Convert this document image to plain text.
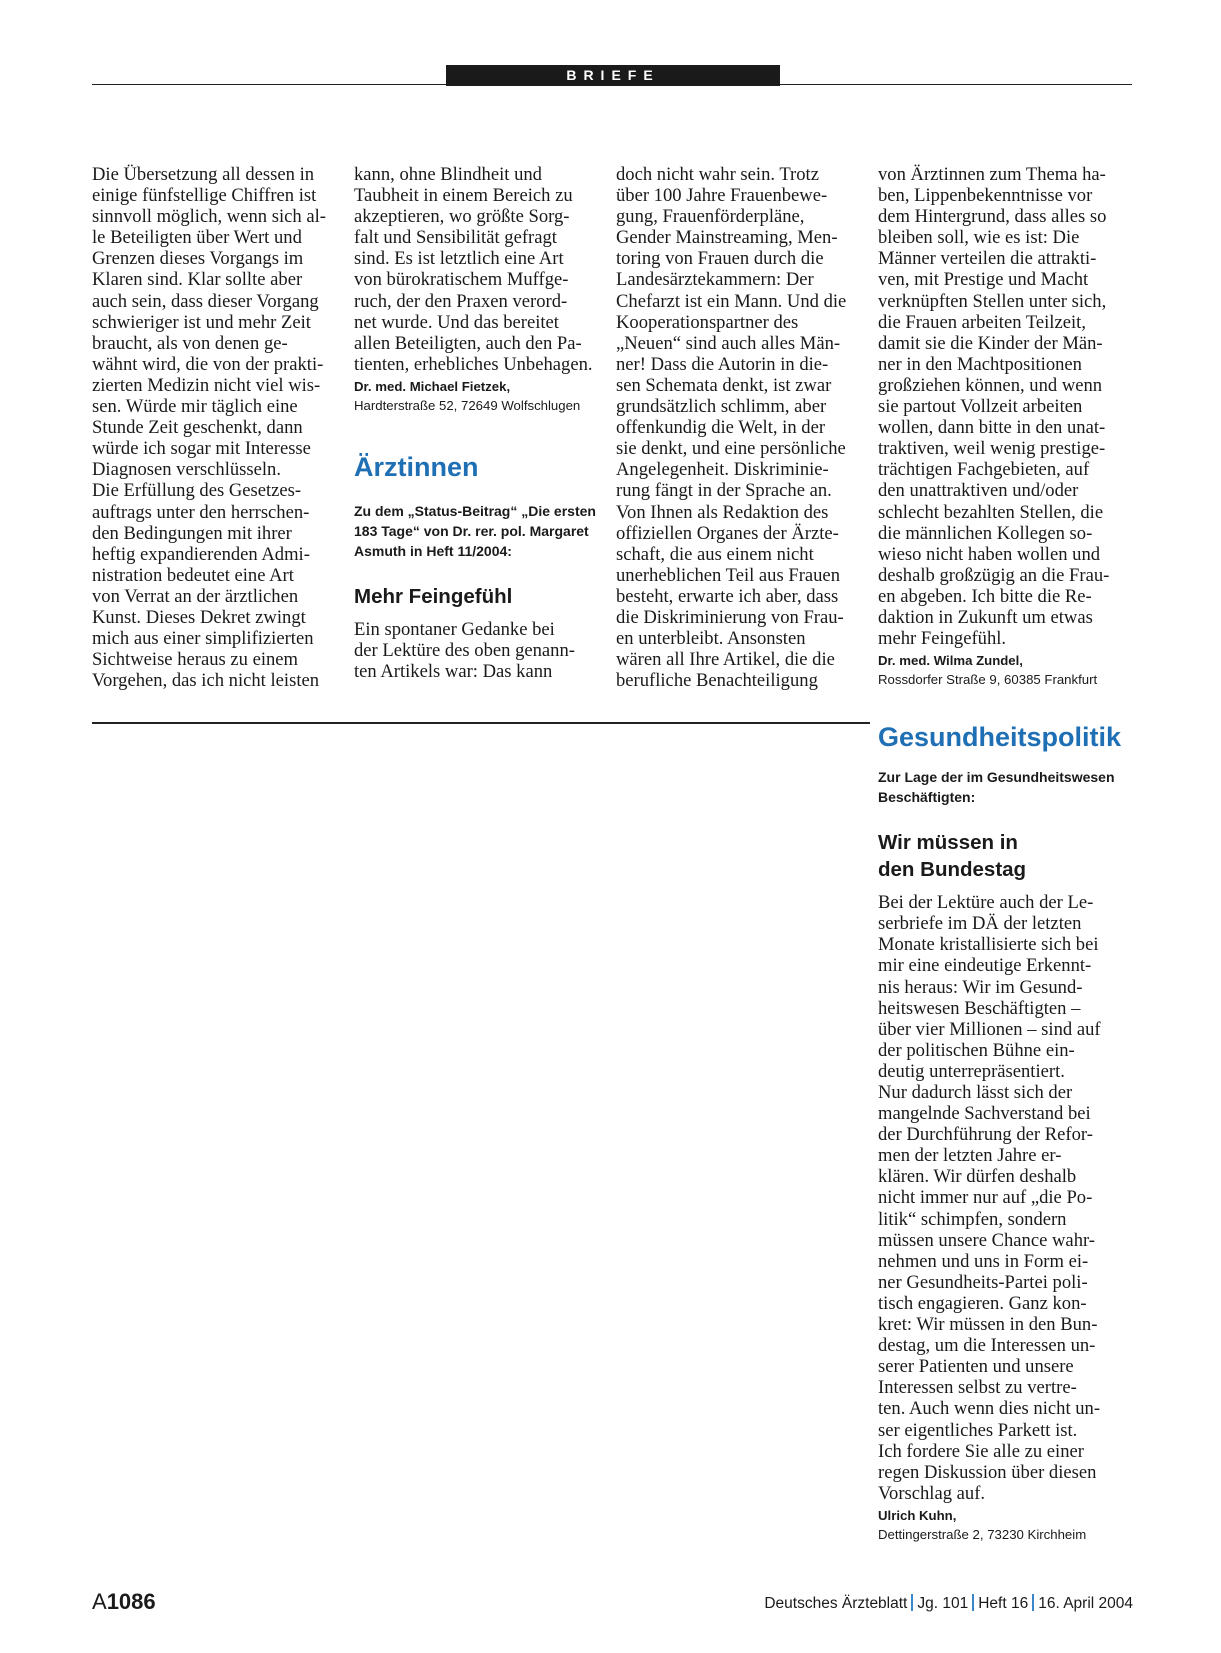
BRIEFE

Die Übersetzung all dessen in
einige fünfstellige Chiffren ist
sinnvoll möglich, wenn sich al-
le Beteiligten über Wert und
Grenzen dieses Vorgangs im
Klaren sind. Klar sollte aber
auch sein, dass dieser Vorgang
schwieriger ist und mehr Zeit
braucht, als von denen ge-
wähnt wird, die von der prakti-
zierten Medizin nicht viel wis-
sen. Würde mir täglich eine
Stunde Zeit geschenkt, dann
würde ich sogar mit Interesse
Diagnosen verschlüsseln.
Die Erfüllung des Gesetzes-
auftrags unter den herrschen-
den Bedingungen mit ihrer
heftig expandierenden Admi-
nistration bedeutet eine Art
von Verrat an der ärztlichen
Kunst. Dieses Dekret zwingt
mich aus einer simplifizierten
Sichtweise heraus zu einem
Vorgehen, das ich nicht leisten

kann, ohne Blindheit und
Taubheit in einem Bereich zu
akzeptieren, wo größte Sorg-
falt und Sensibilität gefragt
sind. Es ist letztlich eine Art
von bürokratischem Muffge-
ruch, der den Praxen verord-
net wurde. Und das bereitet
allen Beteiligten, auch den Pa-
tienten, erhebliches Unbehagen.

Dr. med. Michael Fietzek,
Hardterstraße 52, 72649 Wolfschlugen
Ärztinnen

Zu dem „Status-Beitrag“ „Die ersten
183 Tage“ von Dr. rer. pol. Margaret
Asmuth in Heft 11/2004:

Mehr Feingefühl

Ein spontaner Gedanke bei
der Lektüre des oben genann-
ten Artikels war: Das kann

doch nicht wahr sein. Trotz
über 100 Jahre Frauenbewe-
gung, Frauenförderpläne,
Gender Mainstreaming, Men-
toring von Frauen durch die
Landesärztekammern: Der
Chefarzt ist ein Mann. Und die
Kooperationspartner des
„Neuen“ sind auch alles Män-
ner! Dass die Autorin in die-
sen Schemata denkt, ist zwar
grundsätzlich schlimm, aber
offenkundig die Welt, in der
sie denkt, und eine persönliche
Angelegenheit. Diskriminie-
rung fängt in der Sprache an.
Von Ihnen als Redaktion des
offiziellen Organes der Ärzte-
schaft, die aus einem nicht
unerheblichen Teil aus Frauen
besteht, erwarte ich aber, dass
die Diskriminierung von Frau-
en unterbleibt. Ansonsten
wären all Ihre Artikel, die die
berufliche Benachteiligung

von Ärztinnen zum Thema ha-
ben, Lippenbekenntnisse vor
dem Hintergrund, dass alles so
bleiben soll, wie es ist: Die
Männer verteilen die attrakti-
ven, mit Prestige und Macht
verknüpften Stellen unter sich,
die Frauen arbeiten Teilzeit,
damit sie die Kinder der Män-
ner in den Machtpositionen
großziehen können, und wenn
sie partout Vollzeit arbeiten
wollen, dann bitte in den unat-
traktiven, weil wenig prestige-
trächtigen Fachgebieten, auf
den unattraktiven und/oder
schlecht bezahlten Stellen, die
die männlichen Kollegen so-
wieso nicht haben wollen und
deshalb großzügig an die Frau-
en abgeben. Ich bitte die Re-
daktion in Zukunft um etwas
mehr Feingefühl.

Dr. med. Wilma Zundel,
Rossdorfer Straße 9, 60385 Frankfurt
Gesundheitspolitik

Zur Lage der im Gesundheitswesen
Beschäftigten:

Wir müssen in
den Bundestag

Bei der Lektüre auch der Le-
serbriefe im DÄ der letzten
Monate kristallisierte sich bei
mir eine eindeutige Erkennt-
nis heraus: Wir im Gesund-
heitswesen Beschäftigten –
über vier Millionen – sind auf
der politischen Bühne ein-
deutig unterrepräsentiert.
Nur dadurch lässt sich der
mangelnde Sachverstand bei
der Durchführung der Refor-
men der letzten Jahre er-
klären. Wir dürfen deshalb
nicht immer nur auf „die Po-
litik“ schimpfen, sondern
müssen unsere Chance wahr-
nehmen und uns in Form ei-
ner Gesundheits-Partei poli-
tisch engagieren. Ganz kon-
kret: Wir müssen in den Bun-
destag, um die Interessen un-
serer Patienten und unsere
Interessen selbst zu vertre-
ten. Auch wenn dies nicht un-
ser eigentliches Parkett ist.
Ich fordere Sie alle zu einer
regen Diskussion über diesen
Vorschlag auf.

Ulrich Kuhn,
Dettingerstraße 2, 73230 Kirchheim
A1086	Deutsches Ärzteblatt Jg. 101 Heft 16 16. April 2004
